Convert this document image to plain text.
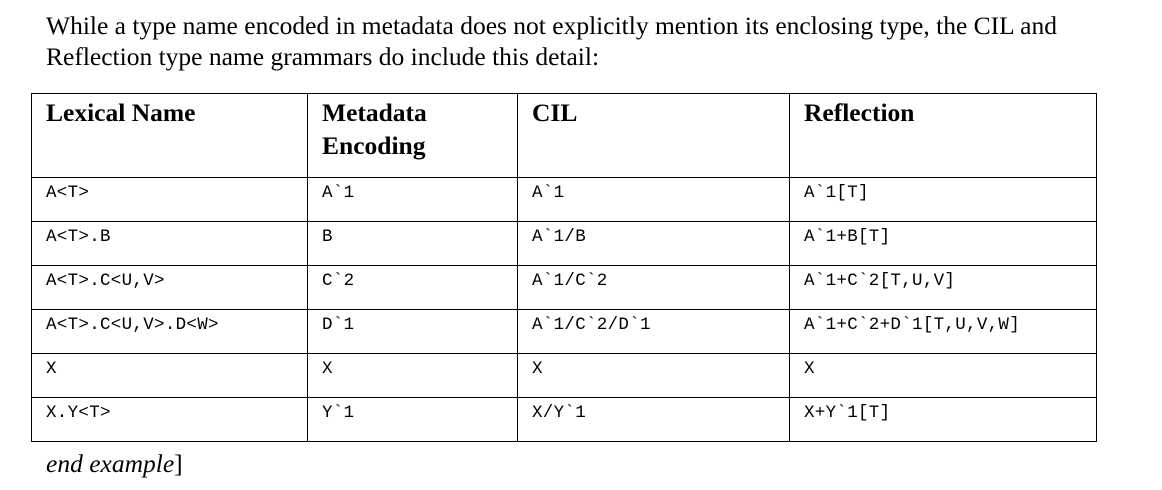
While a type name encoded in metadata does not explicitly mention its enclosing type, the CIL and Reflection type name grammars do include this detail:

Lexical Name	Metadata Encoding	CIL	Reflection
A<T>	A`1	A`1	A`1[T]
A<T>.B	B	A`1/B	A`1+B[T]
A<T>.C<U,V>	C`2	A`1/C`2	A`1+C`2[T,U,V]
A<T>.C<U,V>.D<W>	D`1	A`1/C`2/D`1	A`1+C`2+D`1[T,U,V,W]
X	X	X	X
X.Y<T>	Y`1	X/Y`1	X+Y`1[T]

end example]
